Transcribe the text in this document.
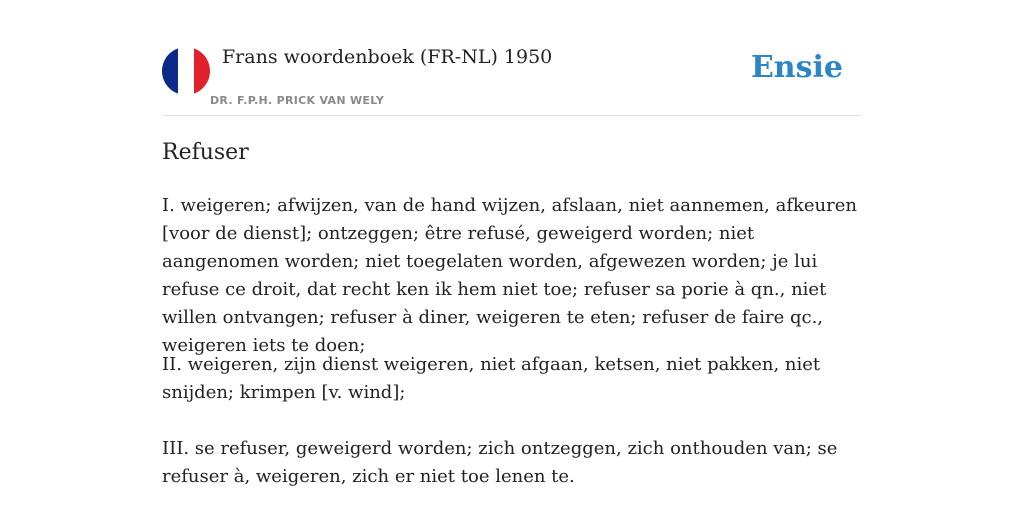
Frans woordenboek (FR-NL) 1950
DR. F.P.H. PRICK VAN WELY
Ensie
Refuser

I. weigeren; afwijzen, van de hand wijzen, afslaan, niet aannemen, afkeuren [voor de dienst]; ontzeggen; être refusé, geweigerd worden; niet aangenomen worden; niet toegelaten worden, afgewezen worden; je lui refuse ce droit, dat recht ken ik hem niet toe; refuser sa porie à qn., niet willen ontvangen; refuser à diner, weigeren te eten; refuser de faire qc., weigeren iets te doen;

II. weigeren, zijn dienst weigeren, niet afgaan, ketsen, niet pakken, niet snijden; krimpen [v. wind];

III. se refuser, geweigerd worden; zich ontzeggen, zich onthouden van; se refuser à, weigeren, zich er niet toe lenen te.
